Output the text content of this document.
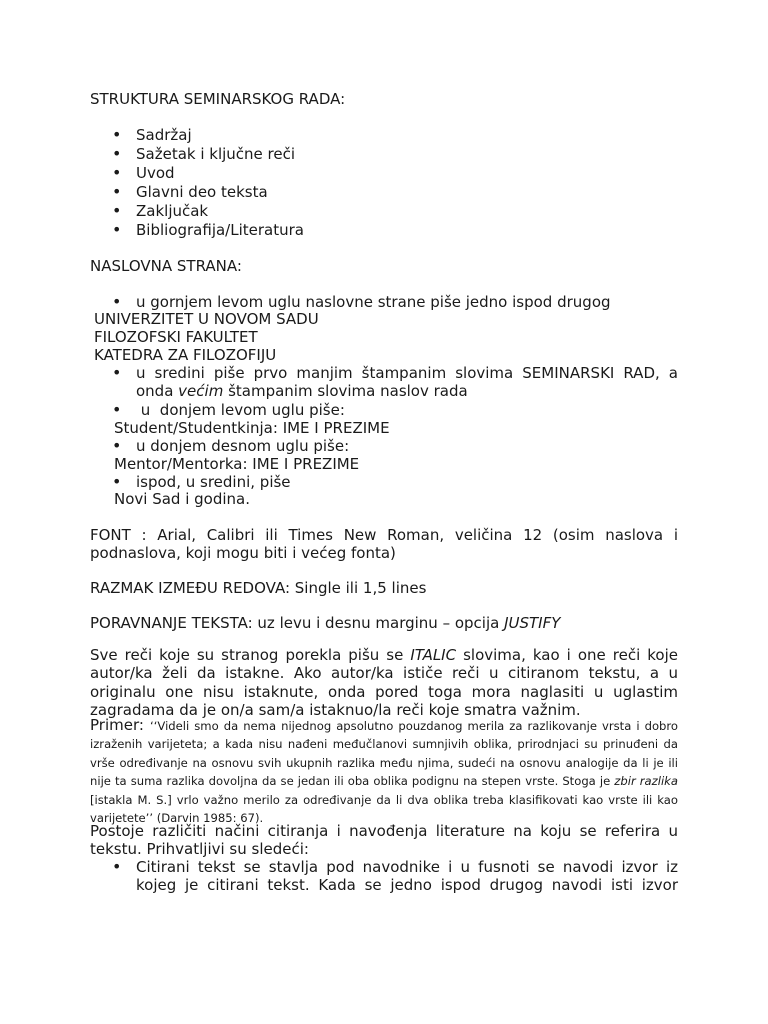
STRUKTURA SEMINARSKOG RADA:
• Sadržaj
• Sažetak i ključne reči
• Uvod
• Glavni deo teksta
• Zaključak
• Bibliografija/Literatura
NASLOVNA STRANA:
• u gornjem levom uglu naslovne strane piše jedno ispod drugog
UNIVERZITET U NOVOM SADU
FILOZOFSKI FAKULTET
KATEDRA ZA FILOZOFIJU
• u sredini piše prvo manjim štampanim slovima SEMINARSKI RAD, a
onda većim štampanim slovima naslov rada
• u  donjem levom uglu piše:
Student/Studentkinja: IME I PREZIME
• u donjem desnom uglu piše:
Mentor/Mentorka: IME I PREZIME
• ispod, u sredini, piše
Novi Sad i godina.
FONT : Arial, Calibri ili Times New Roman, veličina 12 (osim naslova i
podnaslova, koji mogu biti i većeg fonta)
RAZMAK IZMEĐU REDOVA: Single ili 1,5 lines
PORAVNANJE TEKSTA: uz levu i desnu marginu – opcija JUSTIFY
Sve reči koje su stranog porekla pišu se ITALIC slovima, kao i one reči koje autor/ka želi da istakne. Ako autor/ka ističe reči u citiranom tekstu, a u originalu one nisu istaknute, onda pored toga mora naglasiti u uglastim zagradama da je on/a sam/a istaknuo/la reči koje smatra važnim.
Primer: ‘‘Videli smo da nema nijednog apsolutno pouzdanog merila za razlikovanje vrsta i dobro izraženih varijeteta; a kada nisu nađeni međučlanovi sumnjivih oblika, prirodnjaci su prinuđeni da vrše određivanje na osnovu svih ukupnih razlika među njima, sudeći na osnovu analogije da li je ili nije ta suma razlika dovoljna da se jedan ili oba oblika podignu na stepen vrste. Stoga je zbir razlika [istakla M. S.] vrlo važno merilo za određivanje da li dva oblika treba klasifikovati kao vrste ili kao varijetete’’ (Darvin 1985: 67).
Postoje različiti načini citiranja i navođenja literature na koju se referira u tekstu. Prihvatljivi su sledeći:
• Citirani tekst se stavlja pod navodnike i u fusnoti se navodi izvor iz
kojeg je citirani tekst. Kada se jedno ispod drugog navodi isti izvor
